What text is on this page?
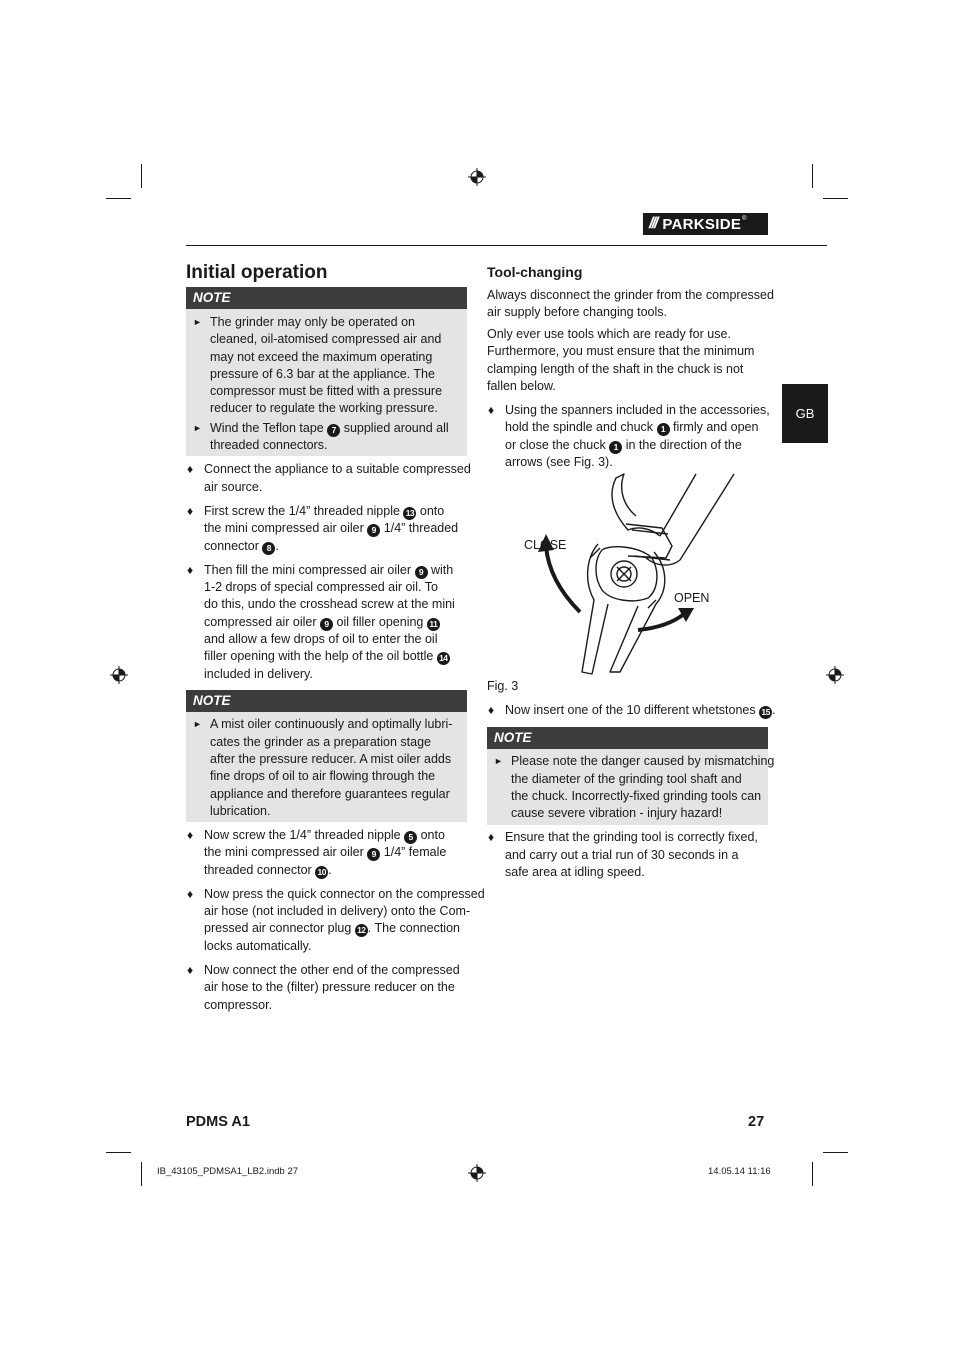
/// PARKSIDE ®
GB
Initial operation
NOTE
► The grinder may only be operated on

cleaned, oil-atomised compressed air and

may not exceed the maximum operating

pressure of 6.3 bar at the appliance. The

compressor must be fitted with a pressure

reducer to regulate the working pressure.

► Wind the Teflon tape 7 supplied around all

threaded connectors.

♦ Connect the appliance to a suitable compressed

air source.

♦ First screw the 1/4” threaded nipple 13 onto

the mini compressed air oiler 9 1/4” threaded

connector 8 .

♦ Then fill the mini compressed air oiler 9 with

1-2 drops of special compressed air oil. To

do this, undo the crosshead screw at the mini

compressed air oiler 9 oil filler opening 11

and allow a few drops of oil to enter the oil

filler opening with the help of the oil bottle 14

included in delivery.

NOTE
► A mist oiler continuously and optimally lubri-

cates the grinder as a preparation stage

after the pressure reducer. A mist oiler adds

fine drops of oil to air flowing through the

appliance and therefore guarantees regular

lubrication.

♦ Now screw the 1/4” threaded nipple 5 onto

the mini compressed air oiler 9 1/4” female

threaded connector 10 .

♦ Now press the quick connector on the compressed

air hose (not included in delivery) onto the Com-

pressed air connector plug 12 . The connection

locks automatically.

♦ Now connect the other end of the compressed

air hose to the (filter) pressure reducer on the

compressor.

Tool-changing

Always disconnect the grinder from the compressed

air supply before changing tools.

Only ever use tools which are ready for use.

Furthermore, you must ensure that the minimum

clamping length of the shaft in the chuck is not

fallen below.

♦ Using the spanners included in the accessories,

hold the spindle and chuck 1 firmly and open

or close the chuck 1 in the direction of the

arrows (see Fig. 3).

CLOSE
OPEN

Fig. 3

♦ Now insert one of the 10 different whetstones 15 .

NOTE
► Please note the danger caused by mismatching

the diameter of the grinding tool shaft and

the chuck. Incorrectly-fixed grinding tools can

cause severe vibration - injury hazard!

♦ Ensure that the grinding tool is correctly fixed,

and carry out a trial run of 30 seconds in a

safe area at idling speed.

PDMS A1	27
IB_43105_PDMSA1_LB2.indb 27	14.05.14 11:16
